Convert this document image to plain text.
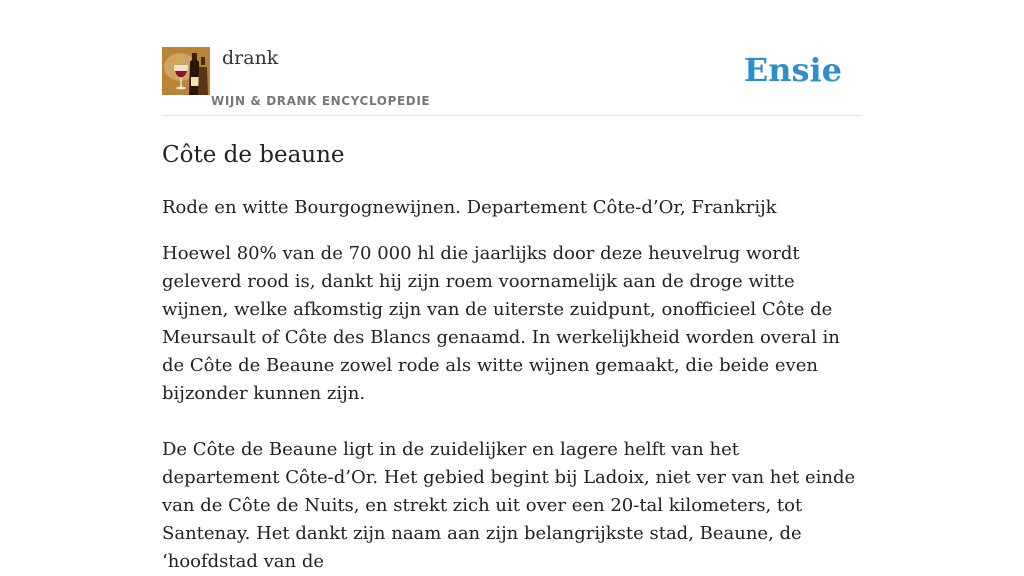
drank
WIJN & DRANK ENCYCLOPEDIE
Ensie
Côte de beaune

Rode en witte Bourgognewijnen. Departement Côte-d’Or, Frankrijk

Hoewel 80% van de 70 000 hl die jaarlijks door deze heuvelrug wordt geleverd rood is, dankt hij zijn roem voornamelijk aan de droge witte wijnen, welke afkomstig zijn van de uiterste zuidpunt, onofficieel Côte de Meursault of Côte des Blancs genaamd. In werkelijkheid worden overal in de Côte de Beaune zowel rode als witte wijnen gemaakt, die beide even bijzonder kunnen zijn.

De Côte de Beaune ligt in de zuidelijker en lagere helft van het departement Côte-d’Or. Het gebied begint bij Ladoix, niet ver van het einde van de Côte de Nuits, en strekt zich uit over een 20-tal kilometers, tot Santenay. Het dankt zijn naam aan zijn belangrijkste stad, Beaune, de ‘hoofdstad van de
